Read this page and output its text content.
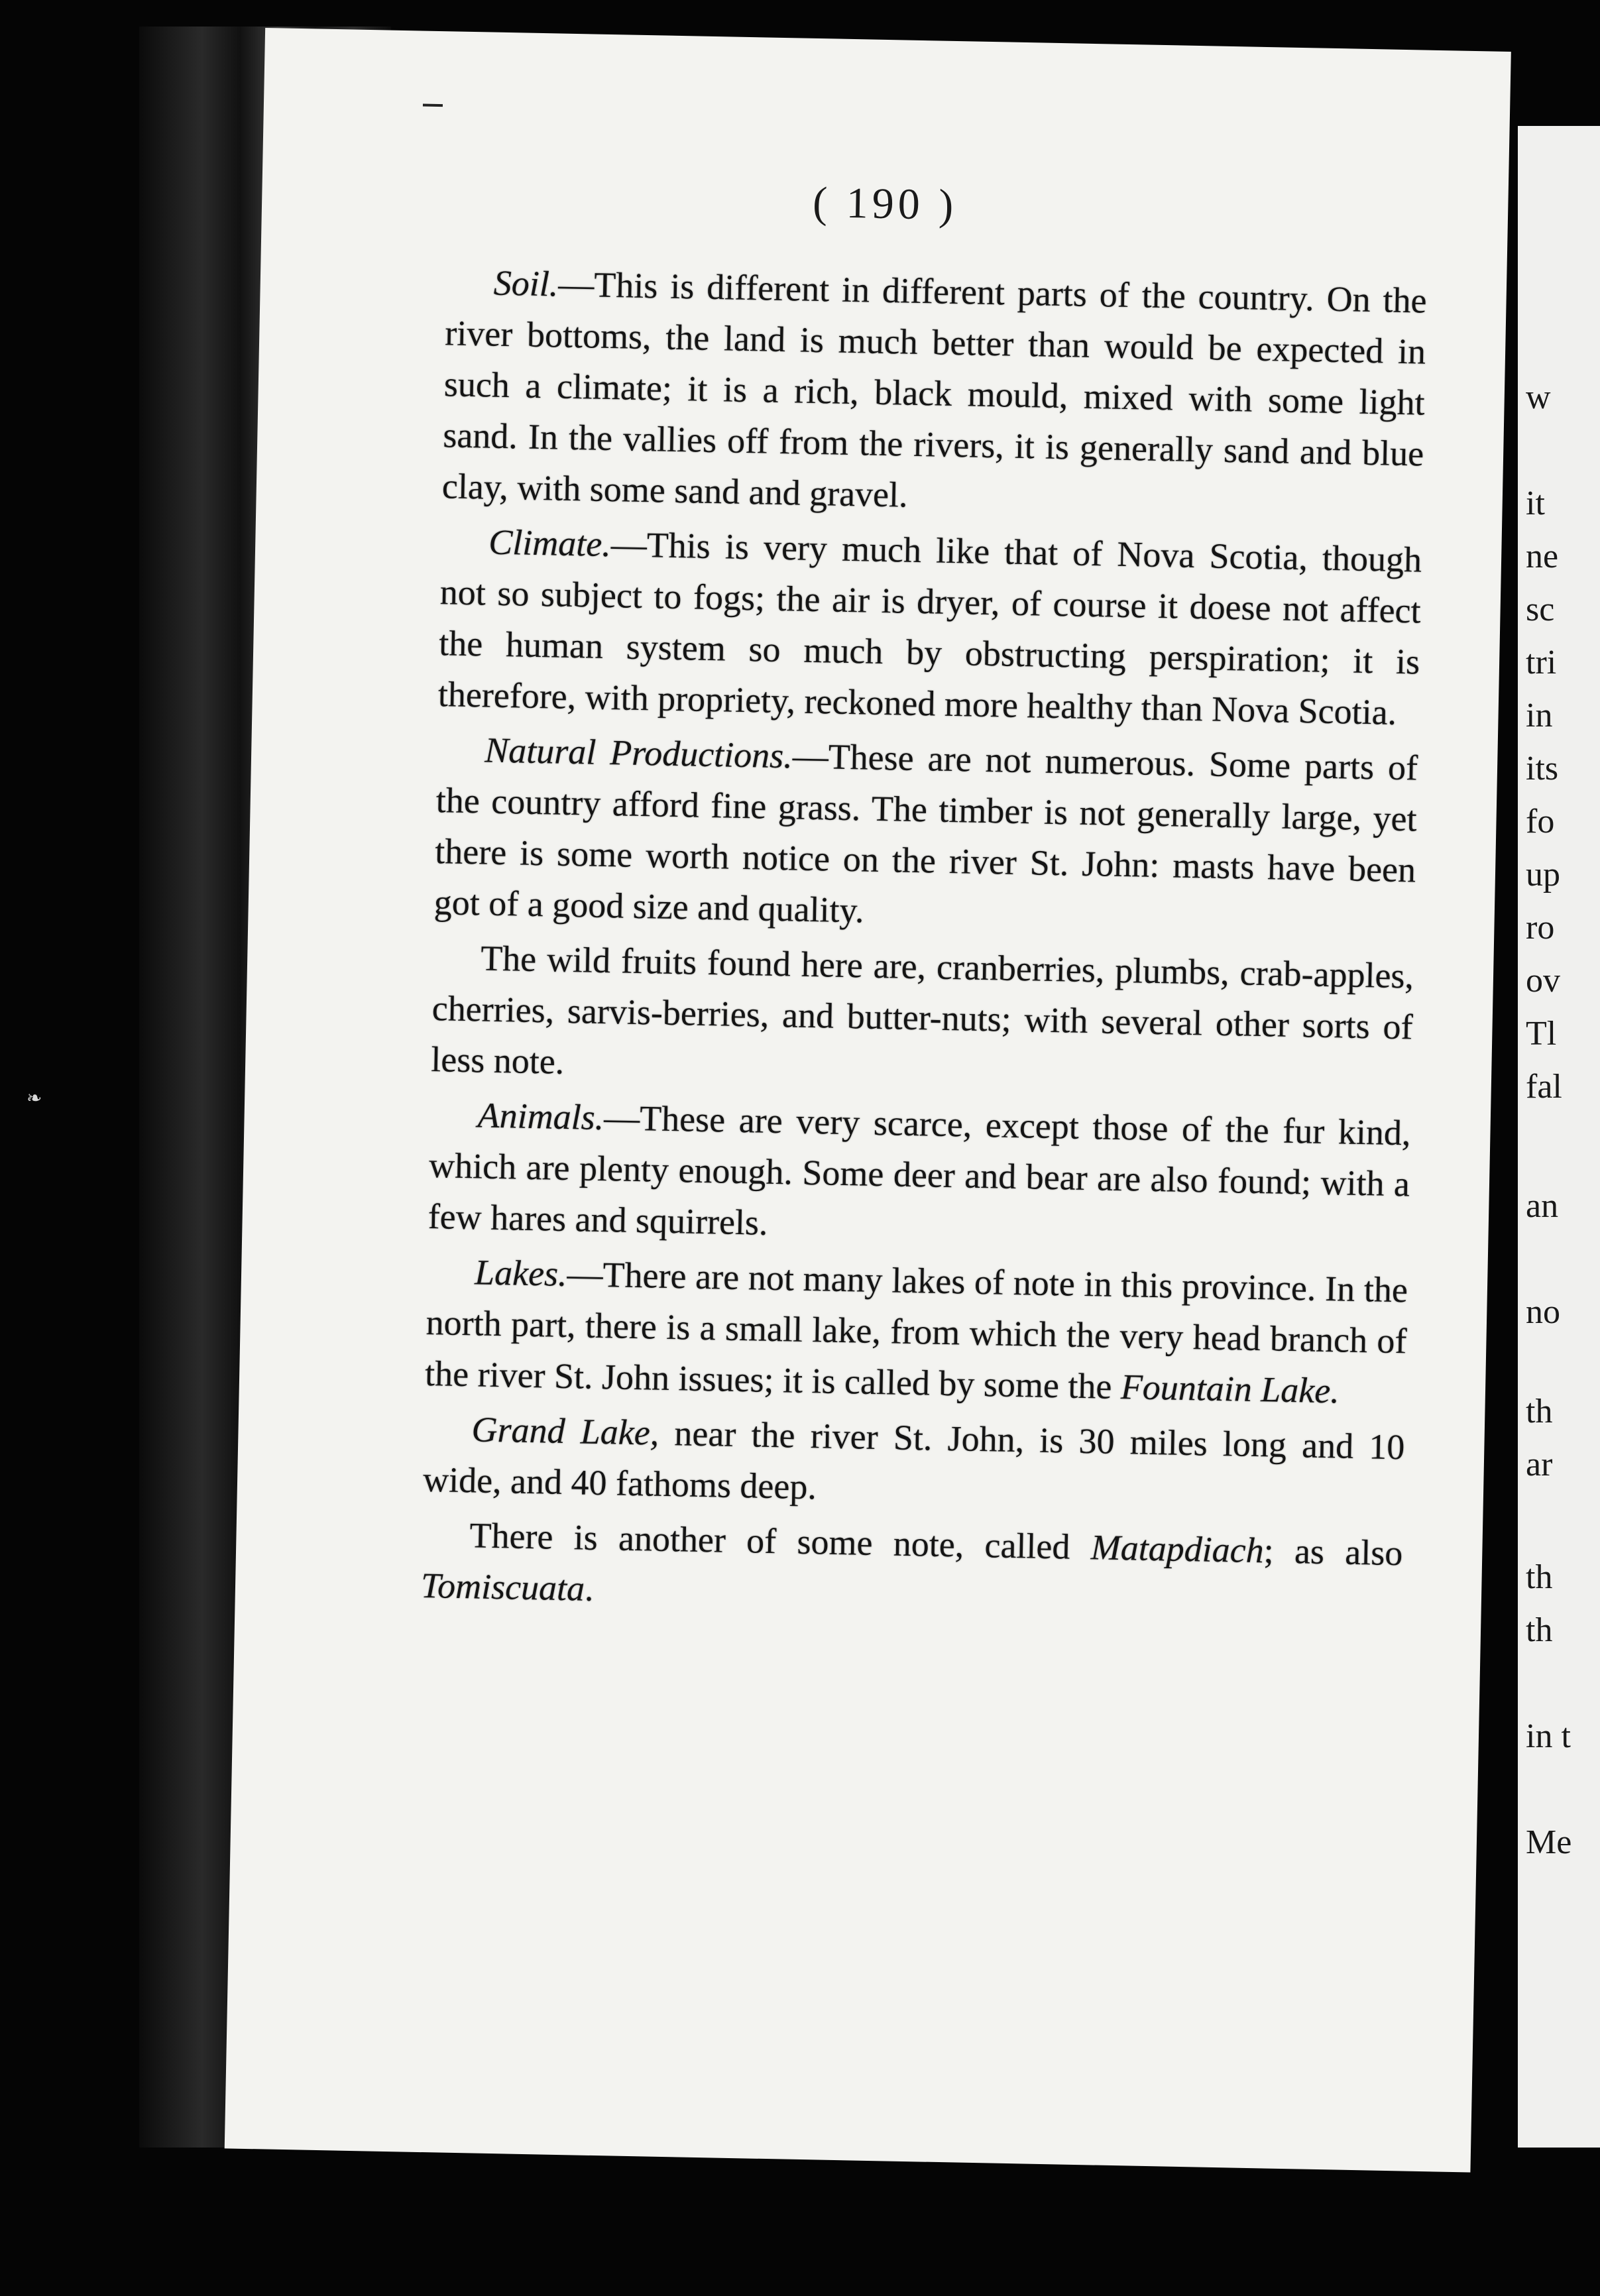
❧
( 190 )

Soil.—This is different in different parts of the country. On the river bottoms, the land is much better than would be expected in such a climate; it is a rich, black mould, mixed with some light sand. In the vallies off from the rivers, it is generally sand and blue clay, with some sand and gravel.

Climate.—This is very much like that of Nova Scotia, though not so subject to fogs; the air is dryer, of course it doese not affect the human system so much by obstructing perspiration; it is therefore, with propriety, reckoned more healthy than Nova Scotia.

Natural Productions.—These are not numerous. Some parts of the country afford fine grass. The timber is not generally large, yet there is some worth notice on the river St. John: masts have been got of a good size and quality.

The wild fruits found here are, cranberries, plumbs, crab-apples, cherries, sarvis-berries, and butter-nuts; with several other sorts of less note.

Animals.—These are very scarce, except those of the fur kind, which are plenty enough. Some deer and bear are also found; with a few hares and squirrels.

Lakes.—There are not many lakes of note in this province. In the north part, there is a small lake, from which the very head branch of the river St. John issues; it is called by some the Fountain Lake.

Grand Lake, near the river St. John, is 30 miles long and 10 wide, and 40 fathoms deep.

There is another of some note, called Matapdiach; as also Tomiscuata.

w
it
ne
sc
tri
in
its
fo
up
ro
ov
Tl
fal
an
no
th
ar
th
th
in t
Me
